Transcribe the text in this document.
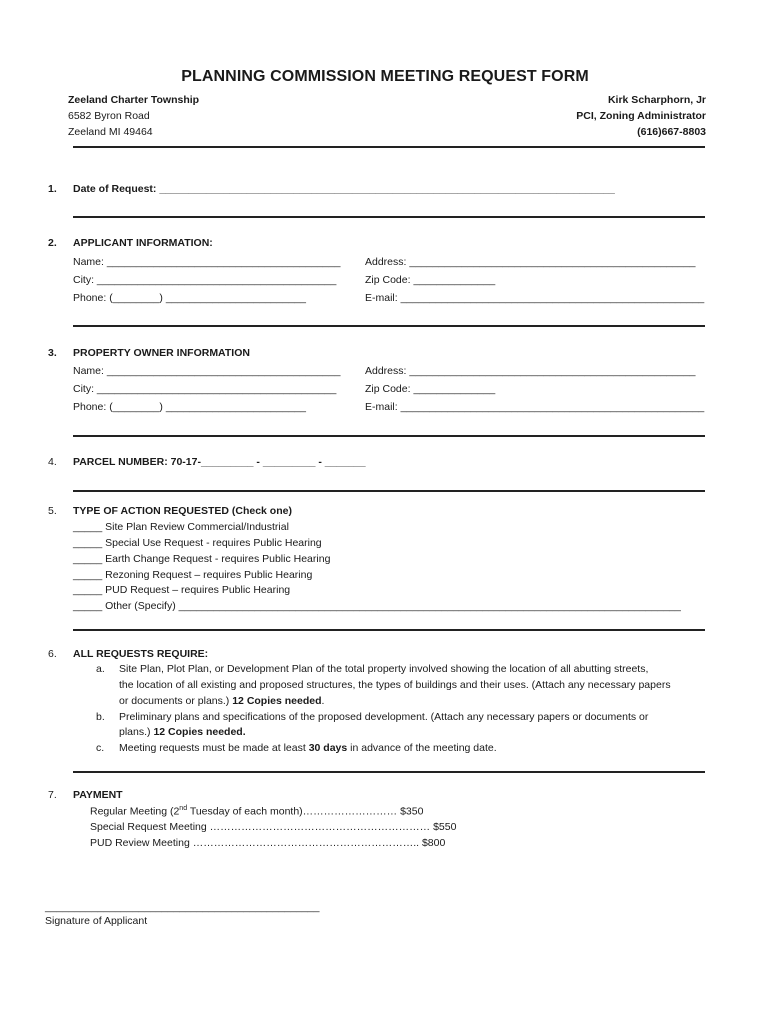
PLANNING COMMISSION MEETING REQUEST FORM
Zeeland Charter Township
6582 Byron Road
Zeeland MI 49464
Kirk Scharphorn, Jr
PCI, Zoning Administrator
(616)667-8803
1. Date of Request: ______________________________________________________________________________
2. APPLICANT INFORMATION:
Name: ________________________________________ Address: _________________________________________________
City: _________________________________________	Zip Code: ______________
Phone: (________) ________________________	E-mail: ____________________________________________________
3. PROPERTY OWNER INFORMATION
Name: ________________________________________ Address: _________________________________________________
City: _________________________________________	Zip Code: ______________
Phone: (________) ________________________	E-mail: ____________________________________________________
4. PARCEL NUMBER: 70-17-_________ - _________ - _______
5. TYPE OF ACTION REQUESTED (Check one)
_____ Site Plan Review Commercial/Industrial
_____ Special Use Request - requires Public Hearing
_____ Earth Change Request - requires Public Hearing
_____ Rezoning Request – requires Public Hearing
_____ PUD Request – requires Public Hearing
_____ Other (Specify) ______________________________________________________________________________________
6. ALL REQUESTS REQUIRE:
a. Site Plan, Plot Plan, or Development Plan of the total property involved showing the location of all abutting streets,
the location of all existing and proposed structures, the types of buildings and their uses. (Attach any necessary papers
or documents or plans.) 12 Copies needed.
b. Preliminary plans and specifications of the proposed development. (Attach any necessary papers or documents or
plans.) 12 Copies needed.
c. Meeting requests must be made at least 30 days in advance of the meeting date.
7. PAYMENT
Regular Meeting (2nd Tuesday of each month)……………………… $350
Special Request Meeting ……………………………………………………… $550
PUD Review Meeting ……………………………………………………….. $800
_______________________________________________
Signature of Applicant
